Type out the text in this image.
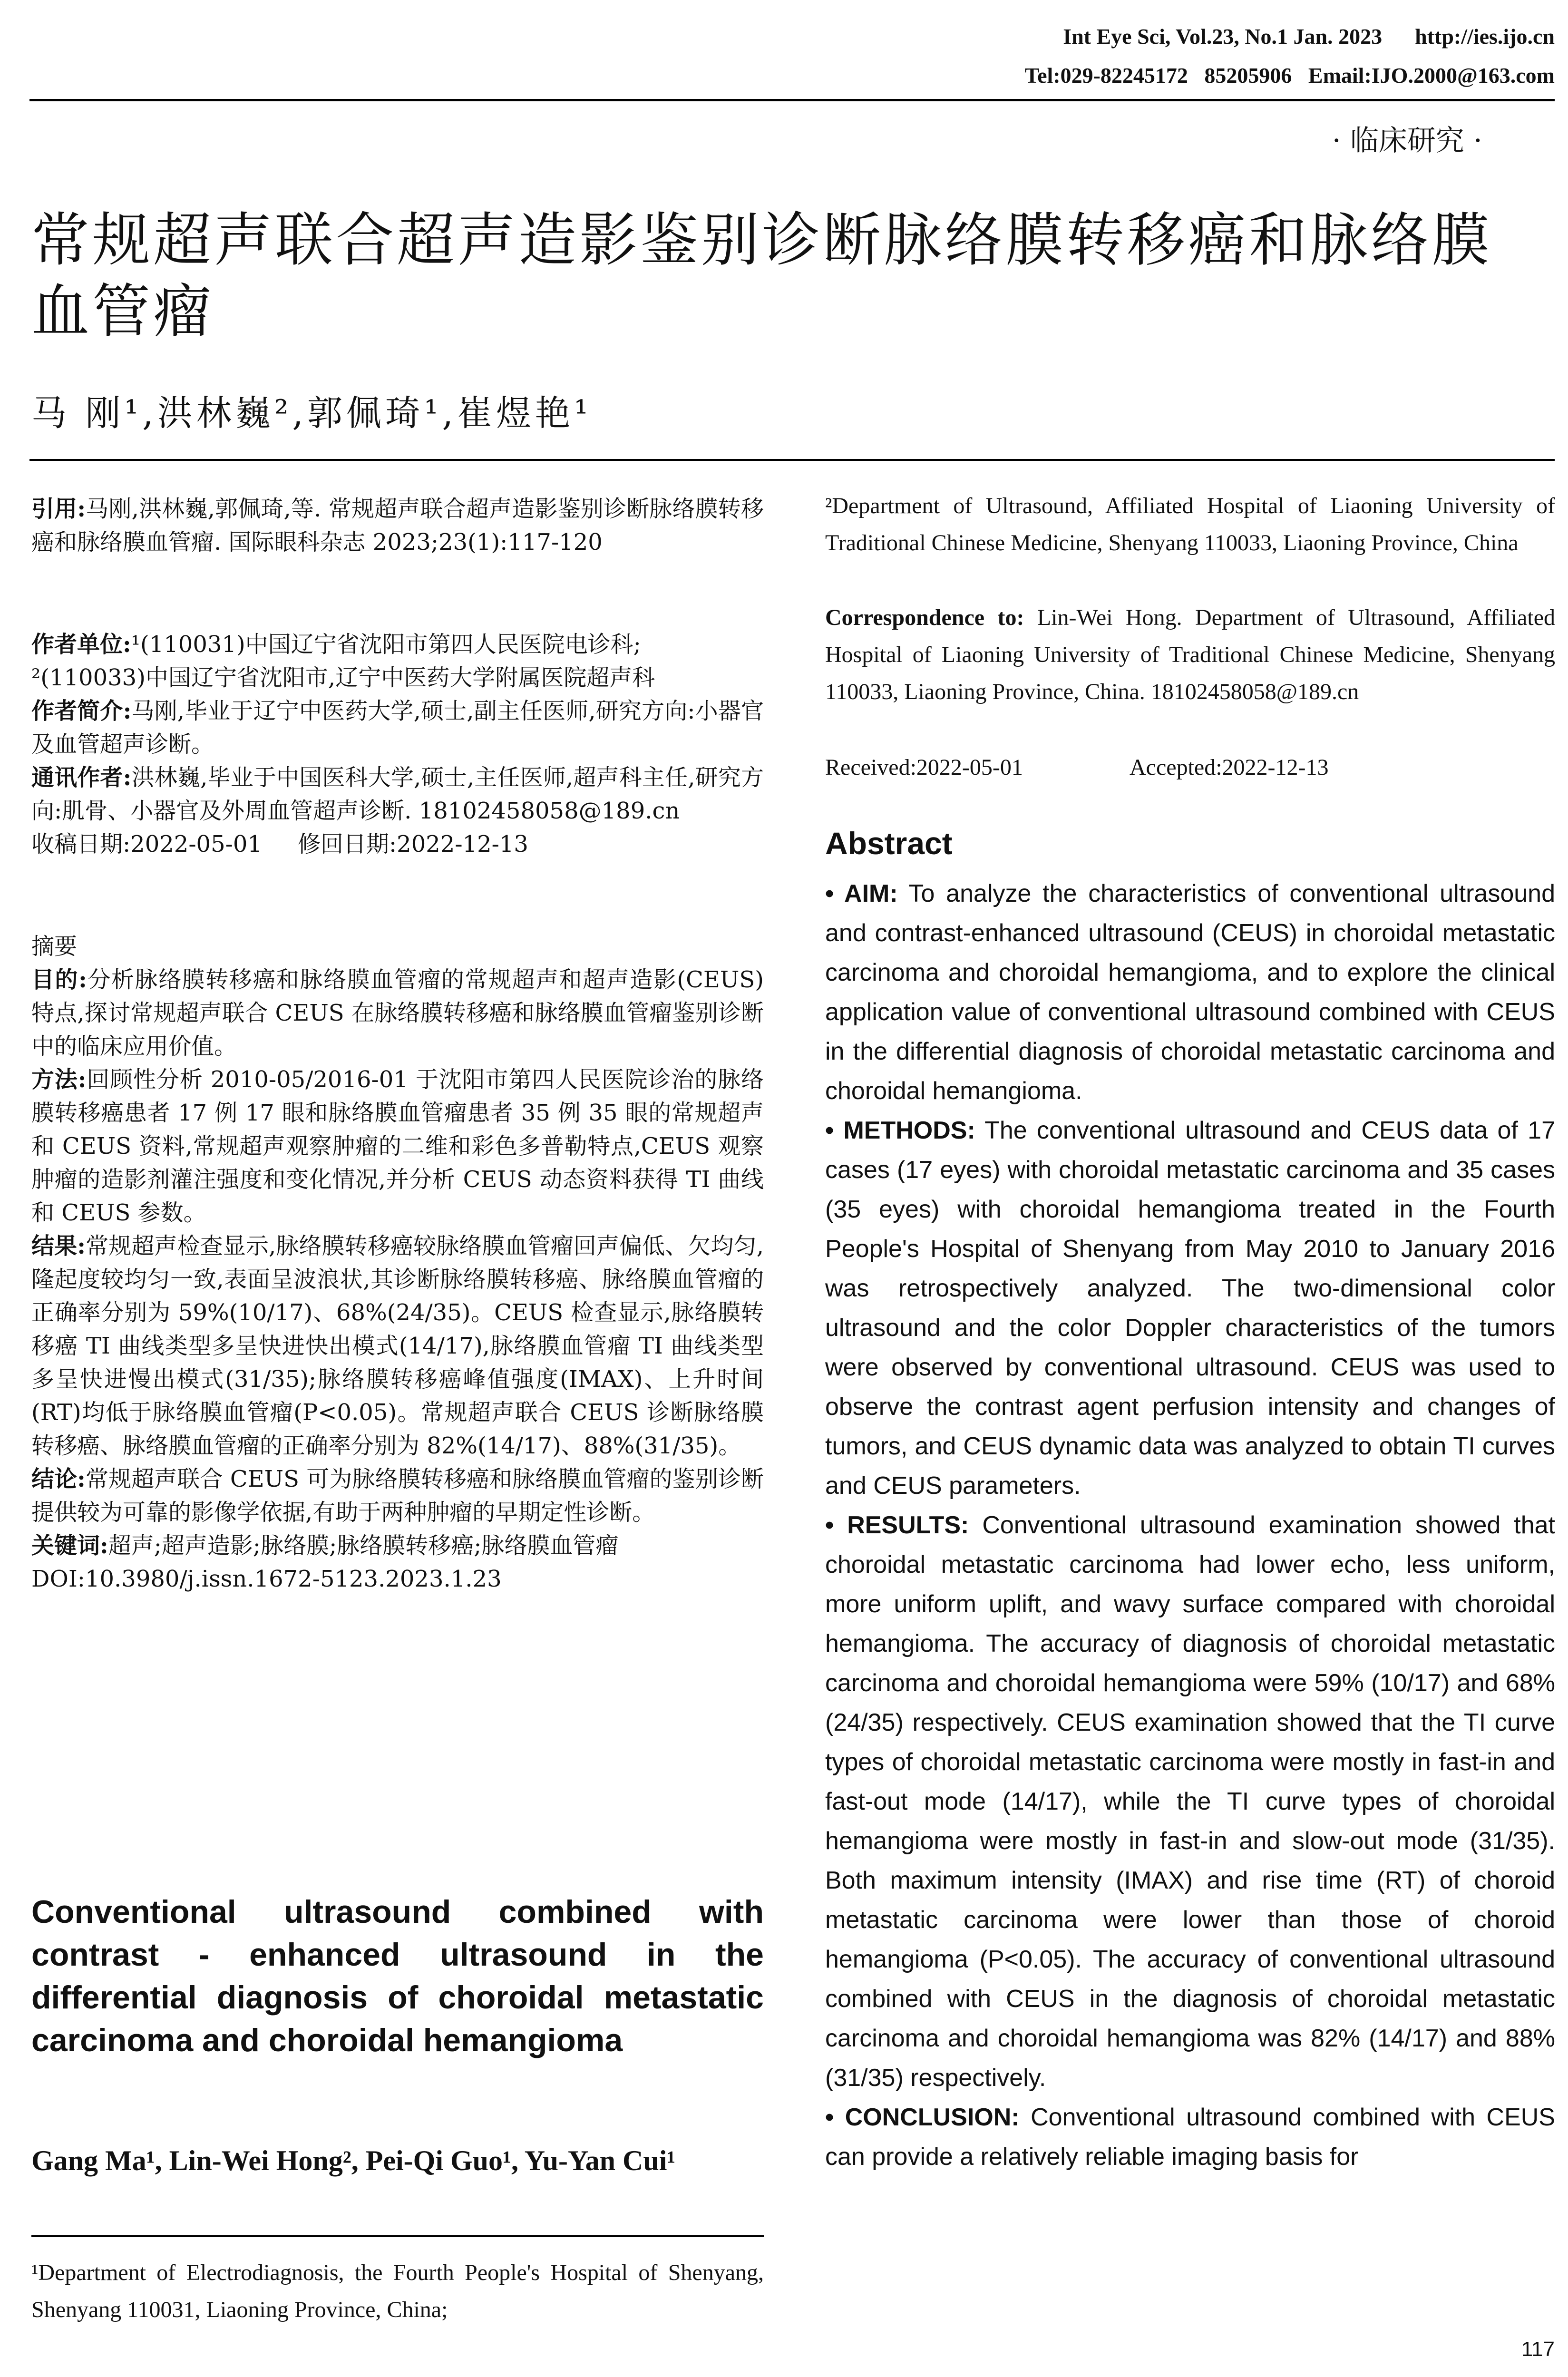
Int Eye Sci, Vol.23, No.1 Jan. 2023      http://ies.ijo.cn
Tel:029-82245172   85205906   Email:IJO.2000@163.com
· 临床研究 ·
常规超声联合超声造影鉴别诊断脉络膜转移癌和脉络膜血管瘤
马 刚¹,洪林巍²,郭佩琦¹,崔煜艳¹
引用:马刚,洪林巍,郭佩琦,等. 常规超声联合超声造影鉴别诊断脉络膜转移癌和脉络膜血管瘤. 国际眼科杂志 2023;23(1):117-120

作者单位:¹(110031)中国辽宁省沈阳市第四人民医院电诊科;

²(110033)中国辽宁省沈阳市,辽宁中医药大学附属医院超声科

作者简介:马刚,毕业于辽宁中医药大学,硕士,副主任医师,研究方向:小器官及血管超声诊断。

通讯作者:洪林巍,毕业于中国医科大学,硕士,主任医师,超声科主任,研究方向:肌骨、小器官及外周血管超声诊断. 18102458058@189.cn

收稿日期:2022-05-01 修回日期:2022-12-13

摘要

目的:分析脉络膜转移癌和脉络膜血管瘤的常规超声和超声造影(CEUS)特点,探讨常规超声联合 CEUS 在脉络膜转移癌和脉络膜血管瘤鉴别诊断中的临床应用价值。

方法:回顾性分析 2010-05/2016-01 于沈阳市第四人民医院诊治的脉络膜转移癌患者 17 例 17 眼和脉络膜血管瘤患者 35 例 35 眼的常规超声和 CEUS 资料,常规超声观察肿瘤的二维和彩色多普勒特点,CEUS 观察肿瘤的造影剂灌注强度和变化情况,并分析 CEUS 动态资料获得 TI 曲线和 CEUS 参数。

结果:常规超声检查显示,脉络膜转移癌较脉络膜血管瘤回声偏低、欠均匀,隆起度较均匀一致,表面呈波浪状,其诊断脉络膜转移癌、脉络膜血管瘤的正确率分别为 59%(10/17)、68%(24/35)。CEUS 检查显示,脉络膜转移癌 TI 曲线类型多呈快进快出模式(14/17),脉络膜血管瘤 TI 曲线类型多呈快进慢出模式(31/35);脉络膜转移癌峰值强度(IMAX)、上升时间(RT)均低于脉络膜血管瘤(P<0.05)。常规超声联合 CEUS 诊断脉络膜转移癌、脉络膜血管瘤的正确率分别为 82%(14/17)、88%(31/35)。

结论:常规超声联合 CEUS 可为脉络膜转移癌和脉络膜血管瘤的鉴别诊断提供较为可靠的影像学依据,有助于两种肿瘤的早期定性诊断。

关键词:超声;超声造影;脉络膜;脉络膜转移癌;脉络膜血管瘤

DOI:10.3980/j.issn.1672-5123.2023.1.23

Conventional ultrasound combined with contrast - enhanced ultrasound in the differential diagnosis of choroidal metastatic carcinoma and choroidal hemangioma
Gang Ma¹, Lin-Wei Hong², Pei-Qi Guo¹, Yu-Yan Cui¹
¹Department of Electrodiagnosis, the Fourth People's Hospital of Shenyang, Shenyang 110031, Liaoning Province, China;
²Department of Ultrasound, Affiliated Hospital of Liaoning University of Traditional Chinese Medicine, Shenyang 110033, Liaoning Province, China
Correspondence to: Lin-Wei Hong. Department of Ultrasound, Affiliated Hospital of Liaoning University of Traditional Chinese Medicine, Shenyang 110033, Liaoning Province, China. 18102458058@189.cn
Received:2022-05-01	Accepted:2022-12-13
Abstract

• AIM: To analyze the characteristics of conventional ultrasound and contrast-enhanced ultrasound (CEUS) in choroidal metastatic carcinoma and choroidal hemangioma, and to explore the clinical application value of conventional ultrasound combined with CEUS in the differential diagnosis of choroidal metastatic carcinoma and choroidal hemangioma.

• METHODS: The conventional ultrasound and CEUS data of 17 cases (17 eyes) with choroidal metastatic carcinoma and 35 cases (35 eyes) with choroidal hemangioma treated in the Fourth People's Hospital of Shenyang from May 2010 to January 2016 was retrospectively analyzed. The two-dimensional color ultrasound and the color Doppler characteristics of the tumors were observed by conventional ultrasound. CEUS was used to observe the contrast agent perfusion intensity and changes of tumors, and CEUS dynamic data was analyzed to obtain TI curves and CEUS parameters.

• RESULTS: Conventional ultrasound examination showed that choroidal metastatic carcinoma had lower echo, less uniform, more uniform uplift, and wavy surface compared with choroidal hemangioma. The accuracy of diagnosis of choroidal metastatic carcinoma and choroidal hemangioma were 59% (10/17) and 68% (24/35) respectively. CEUS examination showed that the TI curve types of choroidal metastatic carcinoma were mostly in fast-in and fast-out mode (14/17), while the TI curve types of choroidal hemangioma were mostly in fast-in and slow-out mode (31/35). Both maximum intensity (IMAX) and rise time (RT) of choroid metastatic carcinoma were lower than those of choroid hemangioma (P<0.05). The accuracy of conventional ultrasound combined with CEUS in the diagnosis of choroidal metastatic carcinoma and choroidal hemangioma was 82% (14/17) and 88% (31/35) respectively.

• CONCLUSION: Conventional ultrasound combined with CEUS can provide a relatively reliable imaging basis for

117
